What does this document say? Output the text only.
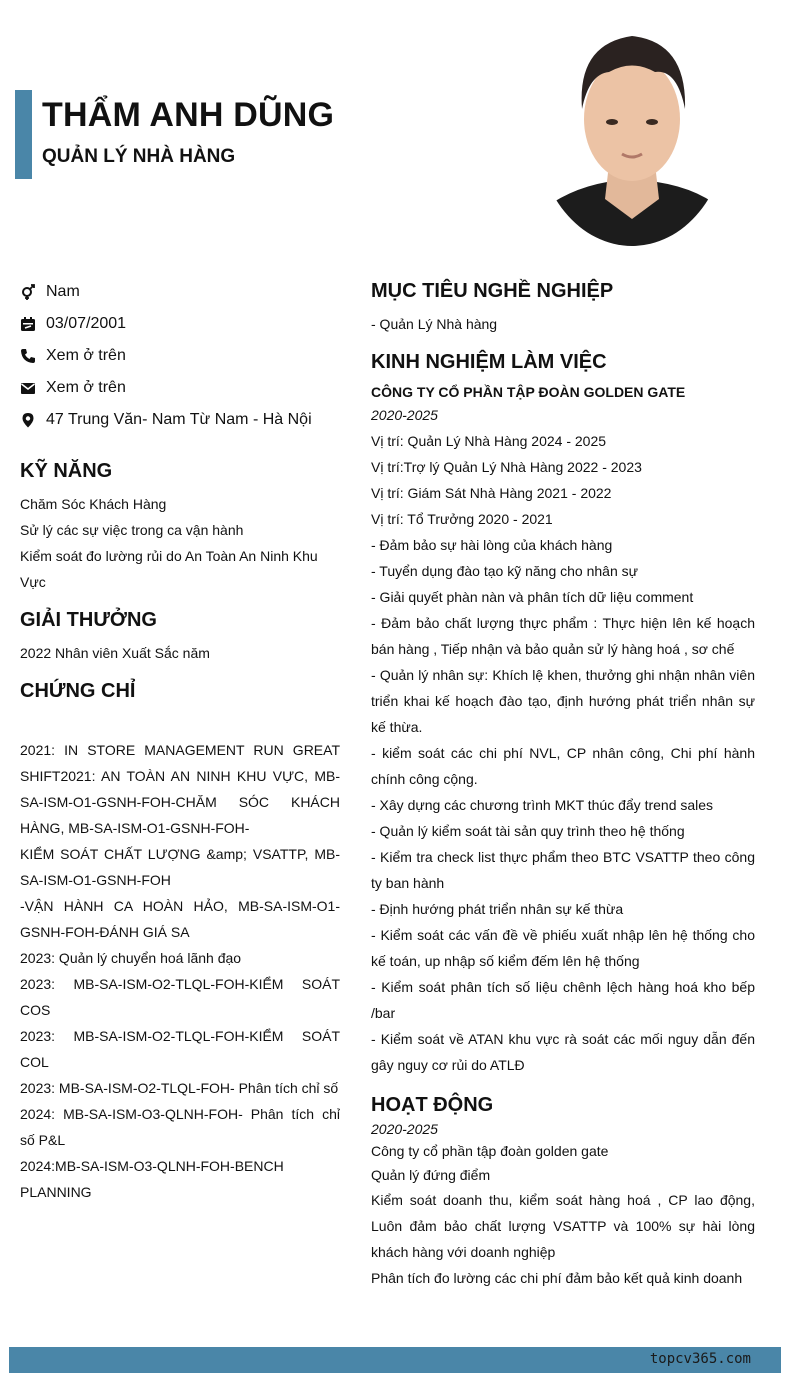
THẨM ANH DŨNG
QUẢN LÝ NHÀ HÀNG
Nam
03/07/2001
Xem ở trên
Xem ở trên
47 Trung Văn- Nam Từ Nam - Hà Nội
KỸ NĂNG
Chăm Sóc Khách Hàng
Sử lý các sự việc trong ca vận hành
Kiểm soát đo lường rủi do An Toàn An Ninh Khu Vực
GIẢI THƯỞNG
2022 Nhân viên Xuất Sắc năm
CHỨNG CHỈ
2021: IN STORE MANAGEMENT RUN GREAT SHIFT2021: AN TOÀN AN NINH KHU VỰC, MB-SA-ISM-O1-GSNH-FOH-CHĂM SÓC KHÁCH HÀNG, MB-SA-ISM-O1-GSNH-FOH-
KIỂM SOÁT CHẤT LƯỢNG &amp; VSATTP, MB-SA-ISM-O1-GSNH-FOH
-VẬN HÀNH CA HOÀN HẢO, MB-SA-ISM-O1-GSNH-FOH-ĐÁNH GIÁ SA
2023: Quản lý chuyển hoá lãnh đạo
2023: MB-SA-ISM-O2-TLQL-FOH-KIỂM SOÁT COS
2023: MB-SA-ISM-O2-TLQL-FOH-KIỂM SOÁT COL
2023: MB-SA-ISM-O2-TLQL-FOH- Phân tích chỉ số
2024: MB-SA-ISM-O3-QLNH-FOH- Phân tích chỉ số P&L
2024:MB-SA-ISM-O3-QLNH-FOH-BENCH PLANNING
MỤC TIÊU NGHỀ NGHIỆP
- Quản Lý Nhà hàng
KINH NGHIỆM LÀM VIỆC
CÔNG TY CỔ PHẦN TẬP ĐOÀN GOLDEN GATE
2020-2025
Vị trí: Quản Lý Nhà Hàng 2024 - 2025
Vị trí:Trợ lý Quản Lý Nhà Hàng 2022 - 2023
Vị trí: Giám Sát Nhà Hàng 2021 - 2022
Vị trí: Tổ Trưởng 2020 - 2021
- Đảm bảo sự hài lòng của khách hàng
- Tuyển dụng đào tạo kỹ năng cho nhân sự
- Giải quyết phàn nàn và phân tích dữ liệu comment
- Đảm bảo chất lượng thực phẩm : Thực hiện lên kế hoạch bán hàng , Tiếp nhận và bảo quản sử lý hàng hoá , sơ chế
- Quản lý nhân sự: Khích lệ khen, thưởng ghi nhận nhân viên triển khai kế hoạch đào tạo, định hướng phát triển nhân sự kế thừa.
- kiểm soát các chi phí NVL, CP nhân công, Chi phí hành chính công cộng.
- Xây dựng các chương trình MKT thúc đẩy trend sales
- Quản lý kiểm soát tài sản quy trình theo hệ thống
- Kiểm tra check list thực phẩm theo BTC VSATTP theo công ty ban hành
- Định hướng phát triển nhân sự kế thừa
- Kiểm soát các vấn đề về phiếu xuất nhập lên hệ thống cho kế toán, up nhập số kiểm đếm lên hệ thống
- Kiểm soát phân tích số liệu chênh lệch hàng hoá kho bếp /bar
- Kiểm soát về ATAN khu vực rà soát các mối nguy dẫn đến gây nguy cơ rủi do ATLĐ
HOẠT ĐỘNG
2020-2025
Công ty cổ phần tập đoàn golden gate
Quản lý đứng điểm
Kiểm soát doanh thu, kiểm soát hàng hoá , CP lao động, Luôn đảm bảo chất lượng VSATTP và 100% sự hài lòng khách hàng với doanh nghiệp
Phân tích đo lường các chi phí đảm bảo kết quả kinh doanh
topcv365.com
